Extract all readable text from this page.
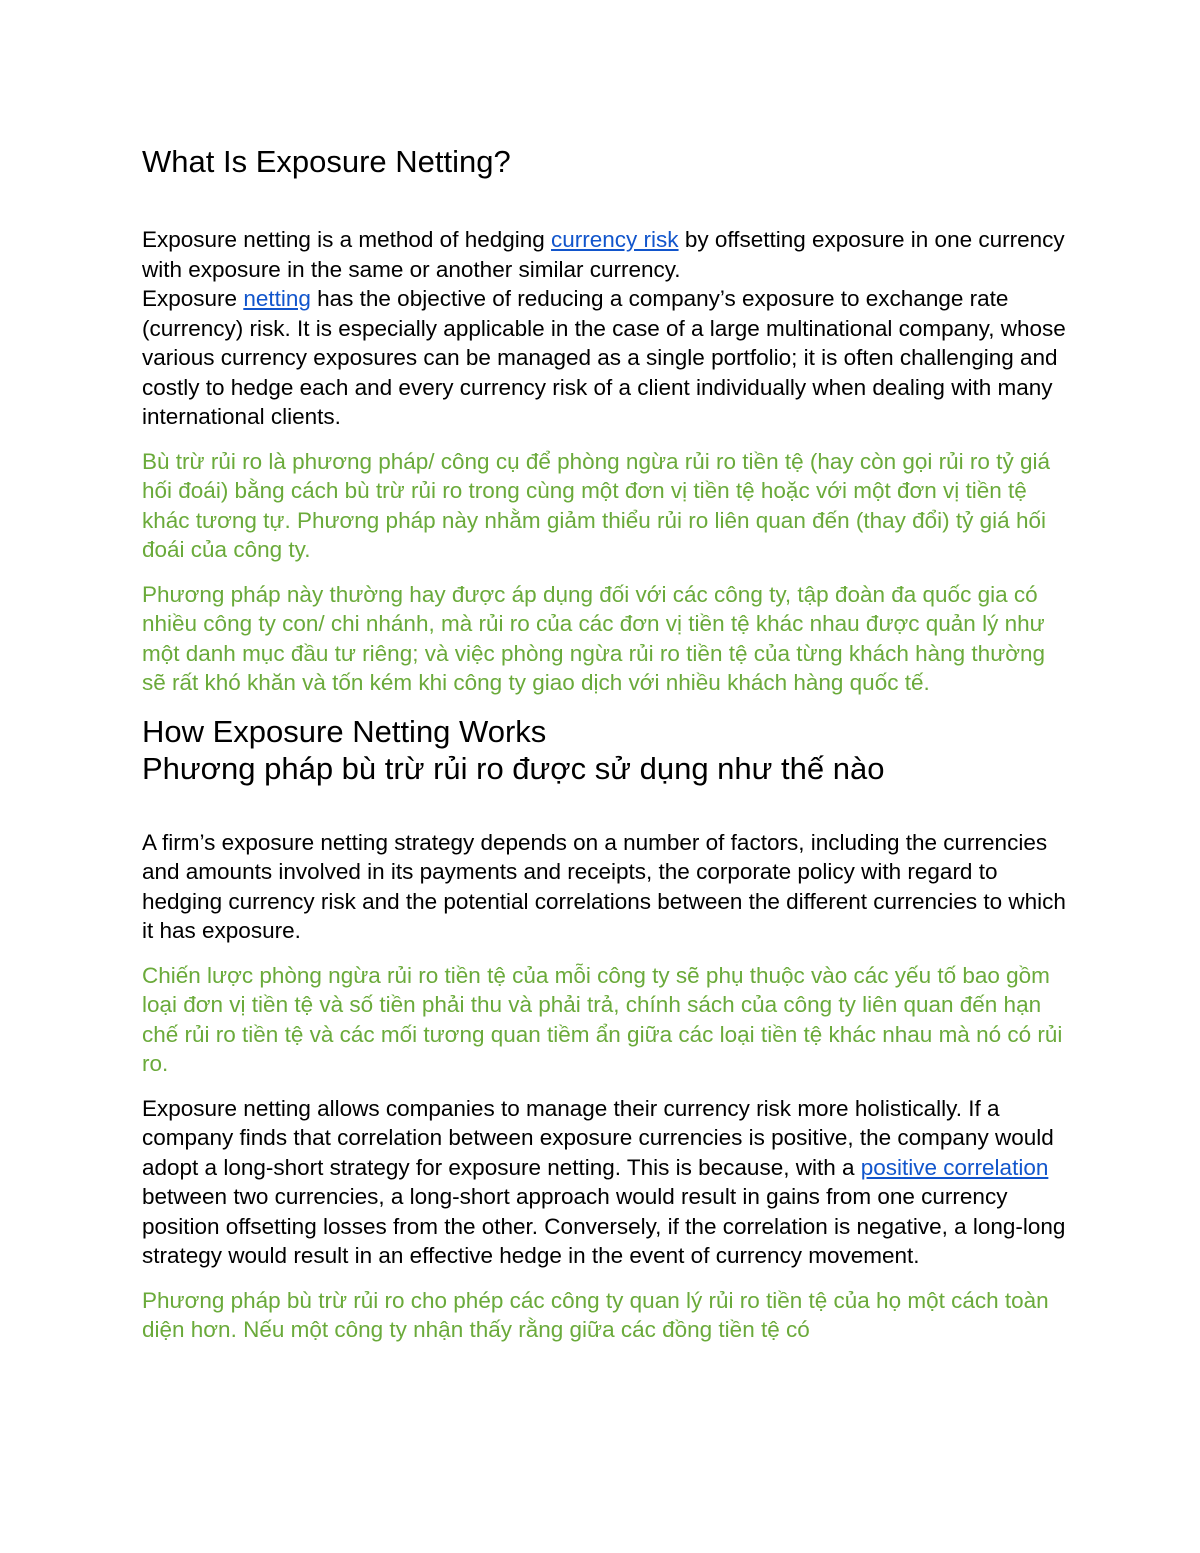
What Is Exposure Netting?

Exposure netting is a method of hedging currency risk by offsetting exposure in one currency with exposure in the same or another similar currency.
Exposure netting has the objective of reducing a company’s exposure to exchange rate (currency) risk. It is especially applicable in the case of a large multinational company, whose various currency exposures can be managed as a single portfolio; it is often challenging and costly to hedge each and every currency risk of a client individually when dealing with many international clients.

Bù trừ rủi ro là phương pháp/ công cụ để phòng ngừa rủi ro tiền tệ (hay còn gọi rủi ro tỷ giá hối đoái) bằng cách bù trừ rủi ro trong cùng một đơn vị tiền tệ hoặc với một đơn vị tiền tệ khác tương tự. Phương pháp này nhằm giảm thiểu rủi ro liên quan đến (thay đổi) tỷ giá hối đoái của công ty.

Phương pháp này thường hay được áp dụng đối với các công ty, tập đoàn đa quốc gia có nhiều công ty con/ chi nhánh, mà rủi ro của các đơn vị tiền tệ khác nhau được quản lý như một danh mục đầu tư riêng; và việc phòng ngừa rủi ro tiền tệ của từng khách hàng thường sẽ rất khó khăn và tốn kém khi công ty giao dịch với nhiều khách hàng quốc tế.

How Exposure Netting Works
Phương pháp bù trừ rủi ro được sử dụng như thế nào

A firm’s exposure netting strategy depends on a number of factors, including the currencies and amounts involved in its payments and receipts, the corporate policy with regard to hedging currency risk and the potential correlations between the different currencies to which it has exposure.

Chiến lược phòng ngừa rủi ro tiền tệ của mỗi công ty sẽ phụ thuộc vào các yếu tố bao gồm loại đơn vị tiền tệ và số tiền phải thu và phải trả, chính sách của công ty liên quan đến hạn chế rủi ro tiền tệ và các mối tương quan tiềm ẩn giữa các loại tiền tệ khác nhau mà nó có rủi ro.

Exposure netting allows companies to manage their currency risk more holistically. If a company finds that correlation between exposure currencies is positive, the company would adopt a long-short strategy for exposure netting. This is because, with a positive correlation between two currencies, a long-short approach would result in gains from one currency position offsetting losses from the other. Conversely, if the correlation is negative, a long-long strategy would result in an effective hedge in the event of currency movement.

Phương pháp bù trừ rủi ro cho phép các công ty quan lý rủi ro tiền tệ của họ một cách toàn diện hơn. Nếu một công ty nhận thấy rằng giữa các đồng tiền tệ có
